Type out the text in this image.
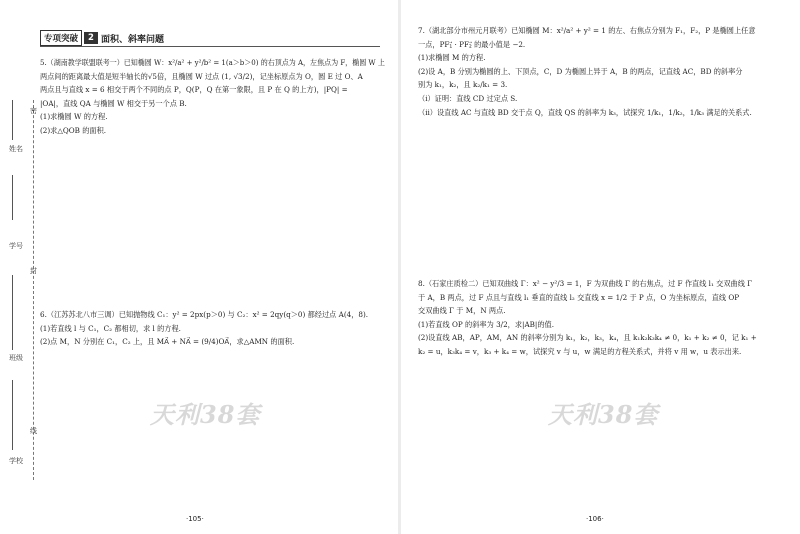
密
封
线
姓名
学号
班级
学校
专项突破	2 面积、斜率问题
5.（湖南教学联盟联考一）已知椭圆 W：x²/a² + y²/b² = 1(a＞b＞0) 的右顶点为 A，左焦点为 F，椭圆 W 上
两点间的距离最大值是短半轴长的√5倍，且椭圆 W 过点 (1, √3/2)，记坐标原点为 O，圆 E 过 O、A
两点且与直线 x = 6 相交于两个不同的点 P，Q(P，Q 在第一象限，且 P 在 Q 的上方)，|PQ| =
|OA|，直线 QA 与椭圆 W 相交于另一个点 B.
(1)求椭圆 W 的方程.
(2)求△QOB 的面积.
6.（江苏苏北八市三调）已知抛物线 C₁：y² = 2px(p＞0) 与 C₂：x² = 2qy(q＞0) 都经过点 A(4，8).
(1)若直线 l 与 C₁，C₂ 都相切，求 l 的方程.
(2)点 M，N 分别在 C₁，C₂ 上，且 MA⃗ + NA⃗ = (9/4)OA⃗，求△AMN 的面积.
天利38套
·105·
7.（湖北部分市州元月联考）已知椭圆 M：x²/a² + y² = 1 的左、右焦点分别为 F₁，F₂，P 是椭圆上任意
一点，PF₁⃗ · PF₂⃗ 的最小值是 −2.
(1)求椭圆 M 的方程.
(2)设 A，B 分别为椭圆的上、下顶点，C，D 为椭圆上异于 A，B 的两点，记直线 AC，BD 的斜率分
别为 k₁，k₂，且 k₂/k₁ = 3.
（ⅰ）证明：直线 CD 过定点 S.
（ⅱ）设直线 AC 与直线 BD 交于点 Q，直线 QS 的斜率为 k₃，试探究 1/k₁，1/k₂，1/k₃ 满足的关系式.
8.（石家庄质检二）已知双曲线 Γ：x² − y²/3 = 1，F 为双曲线 Γ 的右焦点，过 F 作直线 l₁ 交双曲线 Γ
于 A，B 两点，过 F 点且与直线 l₁ 垂直的直线 l₂ 交直线 x = 1/2 于 P 点，O 为坐标原点，直线 OP
交双曲线 Γ 于 M，N 两点.
(1)若直线 OP 的斜率为 3/2，求|AB|的值.
(2)设直线 AB，AP，AM，AN 的斜率分别为 k₁，k₂，k₃，k₄，且 k₁k₂k₃k₄ ≠ 0，k₁ + k₂ ≠ 0，记 k₁ +
k₂ = u，k₃k₄ = v，k₃ + k₄ = w，试探究 v 与 u，w 满足的方程关系式，并将 v 用 w，u 表示出来.
天利38套
·106·
